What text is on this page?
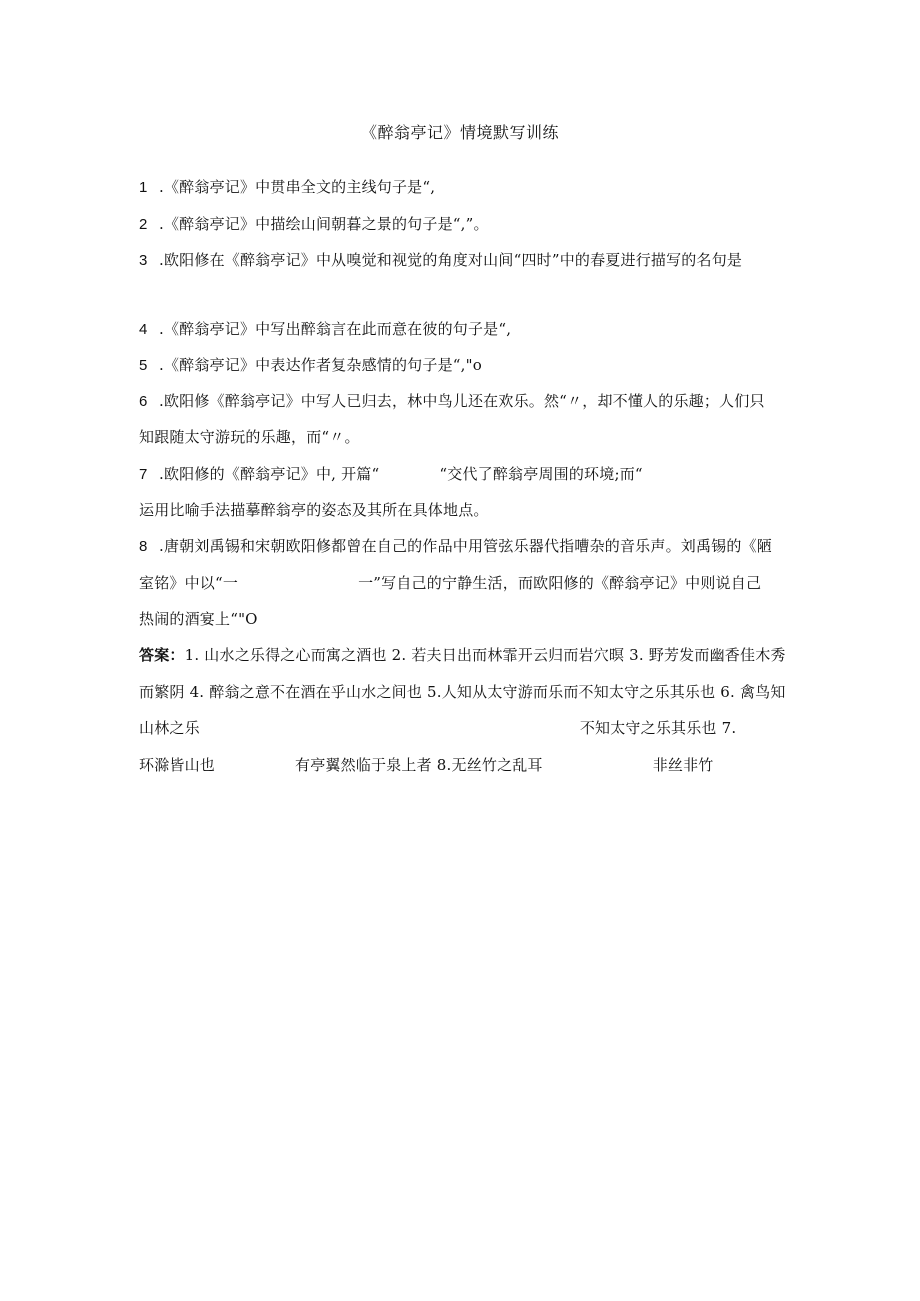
《醉翁亭记》情境默写训练
1 .《醉翁亭记》中贯串全文的主线句子是“,
2 .《醉翁亭记》中描绘山间朝暮之景的句子是“,”。
3 .欧阳修在《醉翁亭记》中从嗅觉和视觉的角度对山间“四时”中的春夏进行描写的名句是
4 .《醉翁亭记》中写出醉翁言在此而意在彼的句子是“,
5 .《醉翁亭记》中表达作者复杂感情的句子是“,"o
6 .欧阳修《醉翁亭记》中写人已归去，林中鸟儿还在欢乐。然“〃，却不懂人的乐趣；人们只
知跟随太守游玩的乐趣，而“〃。
7 .欧阳修的《醉翁亭记》中, 开篇“	“交代了醉翁亭周围的环境;而“
运用比喻手法描摹醉翁亭的姿态及其所在具体地点。
8 .唐朝刘禹锡和宋朝欧阳修都曾在自己的作品中用管弦乐器代指嘈杂的音乐声。刘禹锡的《陋
室铭》中以“一	一”写自己的宁静生活，而欧阳修的《醉翁亭记》中则说自己
热闹的酒宴上“"O
答案：1. 山水之乐得之心而寓之酒也 2. 若夫日出而林霏开云归而岩穴暝 3. 野芳发而幽香佳木秀
而繁阴 4. 醉翁之意不在酒在乎山水之间也 5.人知从太守游而乐而不知太守之乐其乐也 6. 禽鸟知
山林之乐	不知太守之乐其乐也 7.
环滁皆山也	有亭翼然临于泉上者 8.无丝竹之乱耳	非丝非竹
